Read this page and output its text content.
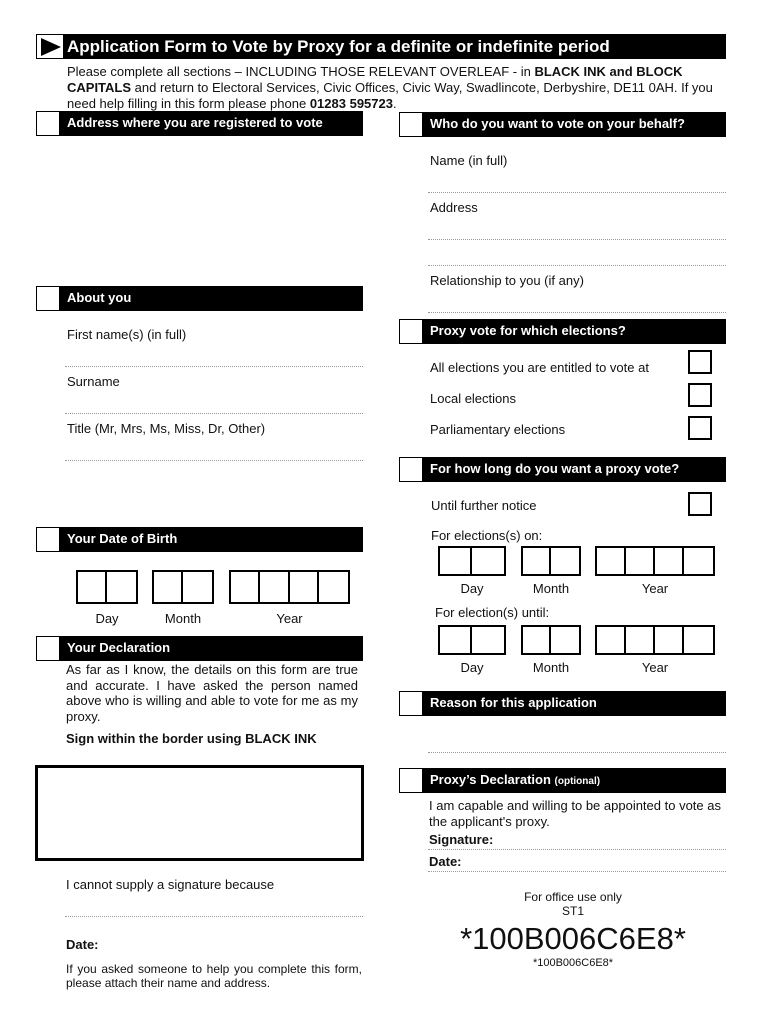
Application Form to Vote by Proxy for a definite or indefinite period
Please complete all sections – INCLUDING THOSE RELEVANT OVERLEAF - in BLACK INK and BLOCK CAPITALS and return to Electoral Services, Civic Offices, Civic Way, Swadlincote, Derbyshire, DE11 0AH. If you need help filling in this form please phone 01283 595723.
Address where you are registered to vote
About you
First name(s) (in full)
Surname
Title (Mr, Mrs, Ms, Miss, Dr, Other)
Your Date of Birth
Day	Month	Year
Your Declaration
As far as I know, the details on this form are true and accurate. I have asked the person named above who is willing and able to vote for me as my proxy.
Sign within the border using BLACK INK
I cannot supply a signature because
Date:
If you asked someone to help you complete this form, please attach their name and address.
Who do you want to vote on your behalf?
Name (in full)
Address
Relationship to you (if any)
Proxy vote for which elections?
All elections you are entitled to vote at
Local elections
Parliamentary elections
For how long do you want a proxy vote?
Until further notice
For elections(s) on:
Day	Month	Year
For election(s) until:
Day	Month	Year
Reason for this application
Proxy’s Declaration (optional)
I am capable and willing to be appointed to vote as the applicant's proxy.
Signature:
Date:
For office use only
ST1
*100B006C6E8*
*100B006C6E8*
